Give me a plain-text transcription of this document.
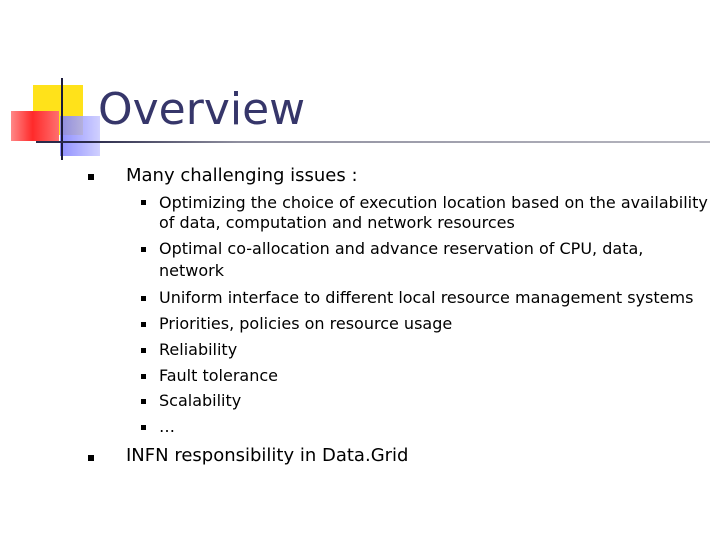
Overview
Many challenging issues :
Optimizing the choice of execution location based on the availability
of data, computation and network resources
Optimal co-allocation and advance reservation of CPU, data,
network
Uniform interface to different local resource management systems
Priorities, policies on resource usage
Reliability
Fault tolerance
Scalability
…
INFN responsibility in Data.Grid
